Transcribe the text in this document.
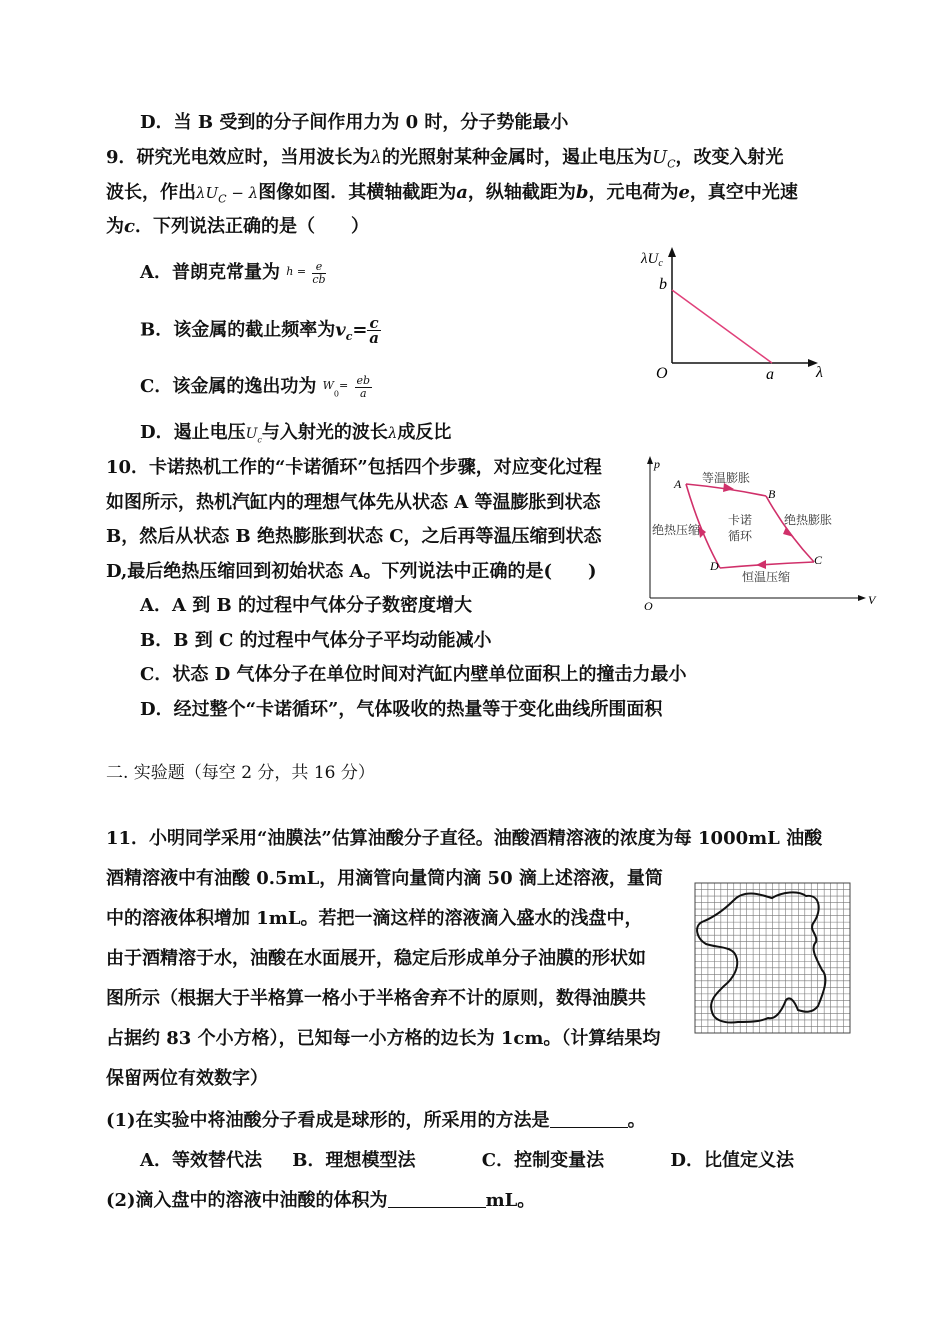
D．当 B 受到的分子间作用力为 0 时，分子势能最小
9．研究光电效应时，当用波长为λ的光照射某种金属时，遏止电压为$U_C$，改变入射光
波长，作出$\lambda U_C - \lambda$图像如图．其横轴截距为a，纵轴截距为b，元电荷为e，真空中光速
为c．下列说法正确的是（　　）
A．普朗克常量为 $h = \frac{e}{cb}$
B．该金属的截止频率为$v_c= \frac{c}{a}$
C．该金属的逸出功为 $W_0= \frac{eb}{a}$
D．遏止电压$U_c$与入射光的波长λ成反比
$\lambda U_c$
b
O	a	λ
10．卡诺热机工作的“卡诺循环”包括四个步骤，对应变化过程
如图所示，热机汽缸内的理想气体先从状态 A 等温膨胀到状态
B，然后从状态 B 绝热膨胀到状态 C，之后再等温压缩到状态
D,最后绝热压缩回到初始状态 A。下列说法中正确的是(　　)
A．A 到 B 的过程中气体分子数密度增大
B．B 到 C 的过程中气体分子平均动能减小
C．状态 D 气体分子在单位时间对汽缸内壁单位面积上的撞击力最小
D．经过整个“卡诺循环”，气体吸收的热量等于变化曲线所围面积
p
V
O
A
B
C
D
等温膨胀
绝热膨胀
恒温压缩
绝热压缩
卡诺
循环
二. 实验题（每空 2 分，共 16 分）
11．小明同学采用“油膜法”估算油酸分子直径。油酸酒精溶液的浓度为每 1000mL 油酸
酒精溶液中有油酸 0.5mL，用滴管向量筒内滴 50 滴上述溶液，量筒
中的溶液体积增加 1mL。若把一滴这样的溶液滴入盛水的浅盘中，
由于酒精溶于水，油酸在水面展开，稳定后形成单分子油膜的形状如
图所示（根据大于半格算一格小于半格舍弃不计的原则，数得油膜共
占据约 83 个小方格），已知每一小方格的边长为 1cm。（计算结果均
保留两位有效数字）
(1)在实验中将油酸分子看成是球形的，所采用的方法是	。
A．等效替代法 B．理想模型法	C．控制变量法	D．比值定义法
(2)滴入盘中的溶液中油酸的体积为	mL。
